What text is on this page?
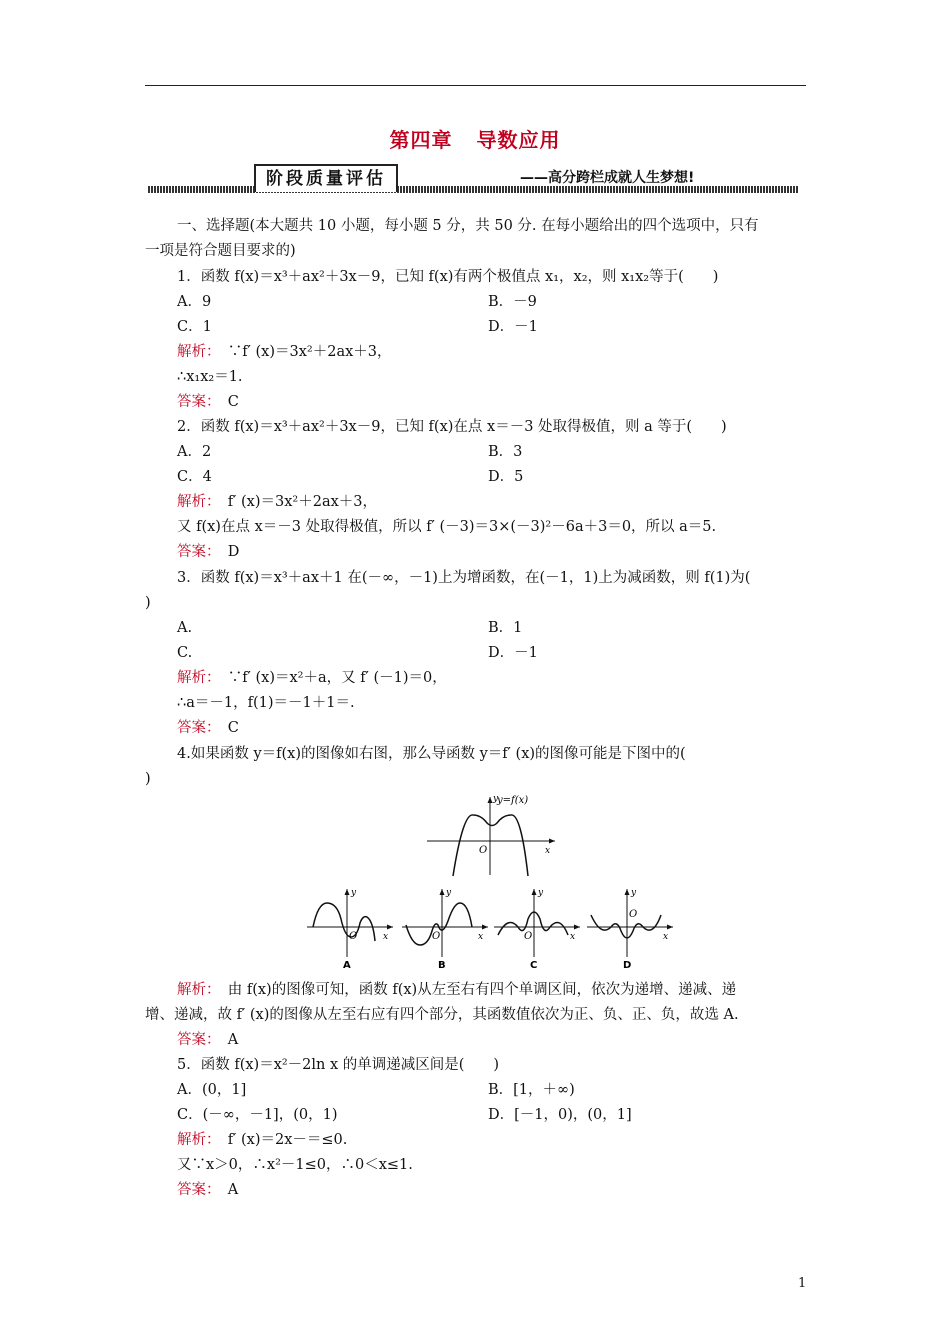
第四章 导数应用
阶段质量评估	——高分跨栏成就人生梦想!
一、选择题(本大题共 10 小题，每小题 5 分，共 50 分. 在每小题给出的四个选项中，只有
一项是符合题目要求的)
1．函数 f(x)＝x³＋ax²＋3x－9，已知 f(x)有两个极值点 x₁，x₂，则 x₁x₂等于(　　)
A．9	B．－9
C．1	D．－1
解析：　 ∵f′ (x)＝3x²＋2ax＋3，
∴x₁x₂＝1.
答案：　 C
2．函数 f(x)＝x³＋ax²＋3x－9，已知 f(x)在点 x＝－3 处取得极值，则 a 等于(　　)
A．2	B．3
C．4	D．5
解析：　 f′ (x)＝3x²＋2ax＋3，
又 f(x)在点 x＝－3 处取得极值，所以 f′ (－3)＝3×(－3)²－6a＋3＝0，所以 a＝5.
答案：　 D
3．函数 f(x)＝x³＋ax＋1 在(－∞，－1)上为增函数，在(－1，1)上为减函数，则 f(1)为(
)
A.	B．1
C.	D．－1
解析：　 ∵f′ (x)＝x²＋a，又 f′ (－1)＝0，
∴a＝－1，f(1)＝－1＋1＝.
答案：　 C
4.如果函数 y＝f(x)的图像如右图，那么导函数 y＝f′ (x)的图像可能是下图中的(
)
y=f(x)
y
x
O
y
x
O
A
y
x
O
B
y
x
O
C
y
x
O
D
解析：　 由 f(x)的图像可知，函数 f(x)从左至右有四个单调区间，依次为递增、递减、递
增、递减，故 f′ (x)的图像从左至右应有四个部分，其函数值依次为正、负、正、负，故选 A.
答案：　 A
5．函数 f(x)＝x²－2ln x 的单调递减区间是(　　)
A．(0，1]	B．[1，＋∞)
C．(－∞，－1]，(0，1)	D．[－1，0)，(0，1]
解析：　 f′ (x)＝2x－＝≤0.
又∵x＞0，∴x²－1≤0，∴0＜x≤1.
答案：　 A
1
